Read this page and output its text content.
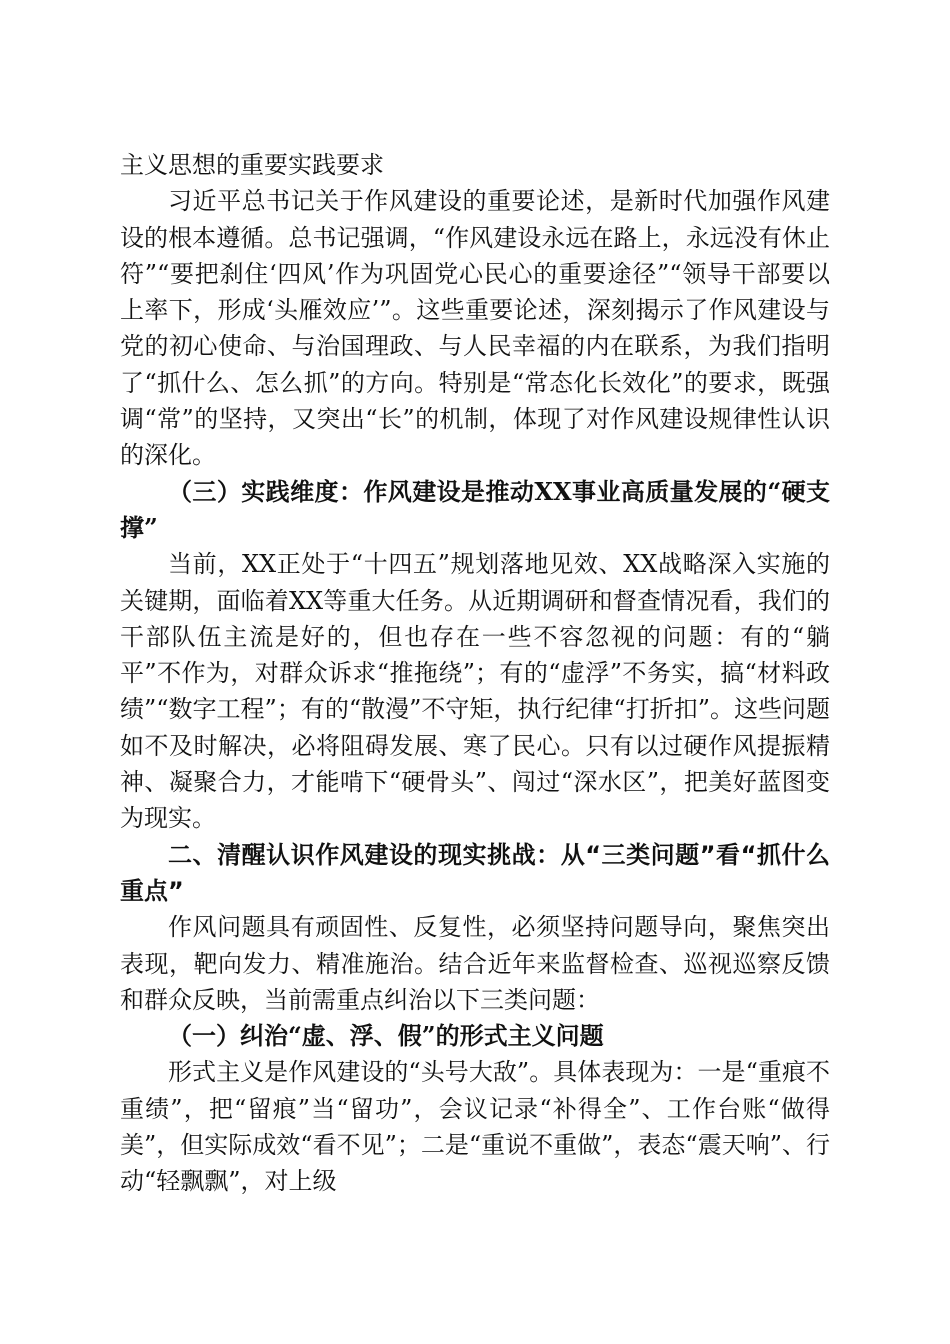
主义思想的重要实践要求

习近平总书记关于作风建设的重要论述，是新时代加强作风建设的根本遵循。总书记强调，“作风建设永远在路上，永远没有休止符”“要把刹住‘四风’作为巩固党心民心的重要途径”“领导干部要以上率下，形成‘头雁效应’”。这些重要论述，深刻揭示了作风建设与党的初心使命、与治国理政、与人民幸福的内在联系，为我们指明了“抓什么、怎么抓”的方向。特别是“常态化长效化”的要求，既强调“常”的坚持，又突出“长”的机制，体现了对作风建设规律性认识的深化。

（三）实践维度：作风建设是推动XX事业高质量发展的“硬支撑”

当前，XX正处于“十四五”规划落地见效、XX战略深入实施的关键期，面临着XX等重大任务。从近期调研和督查情况看，我们的干部队伍主流是好的，但也存在一些不容忽视的问题：有的“躺平”不作为，对群众诉求“推拖绕”；有的“虚浮”不务实，搞“材料政绩”“数字工程”；有的“散漫”不守矩，执行纪律“打折扣”。这些问题如不及时解决，必将阻碍发展、寒了民心。只有以过硬作风提振精神、凝聚合力，才能啃下“硬骨头”、闯过“深水区”，把美好蓝图变为现实。

二、清醒认识作风建设的现实挑战：从“三类问题”看“抓什么重点”

作风问题具有顽固性、反复性，必须坚持问题导向，聚焦突出表现，靶向发力、精准施治。结合近年来监督检查、巡视巡察反馈和群众反映，当前需重点纠治以下三类问题：

（一）纠治“虚、浮、假”的形式主义问题

形式主义是作风建设的“头号大敌”。具体表现为：一是“重痕不重绩”，把“留痕”当“留功”，会议记录“补得全”、工作台账“做得美”，但实际成效“看不见”；二是“重说不重做”，表态“震天响”、行动“轻飘飘”，对上级
